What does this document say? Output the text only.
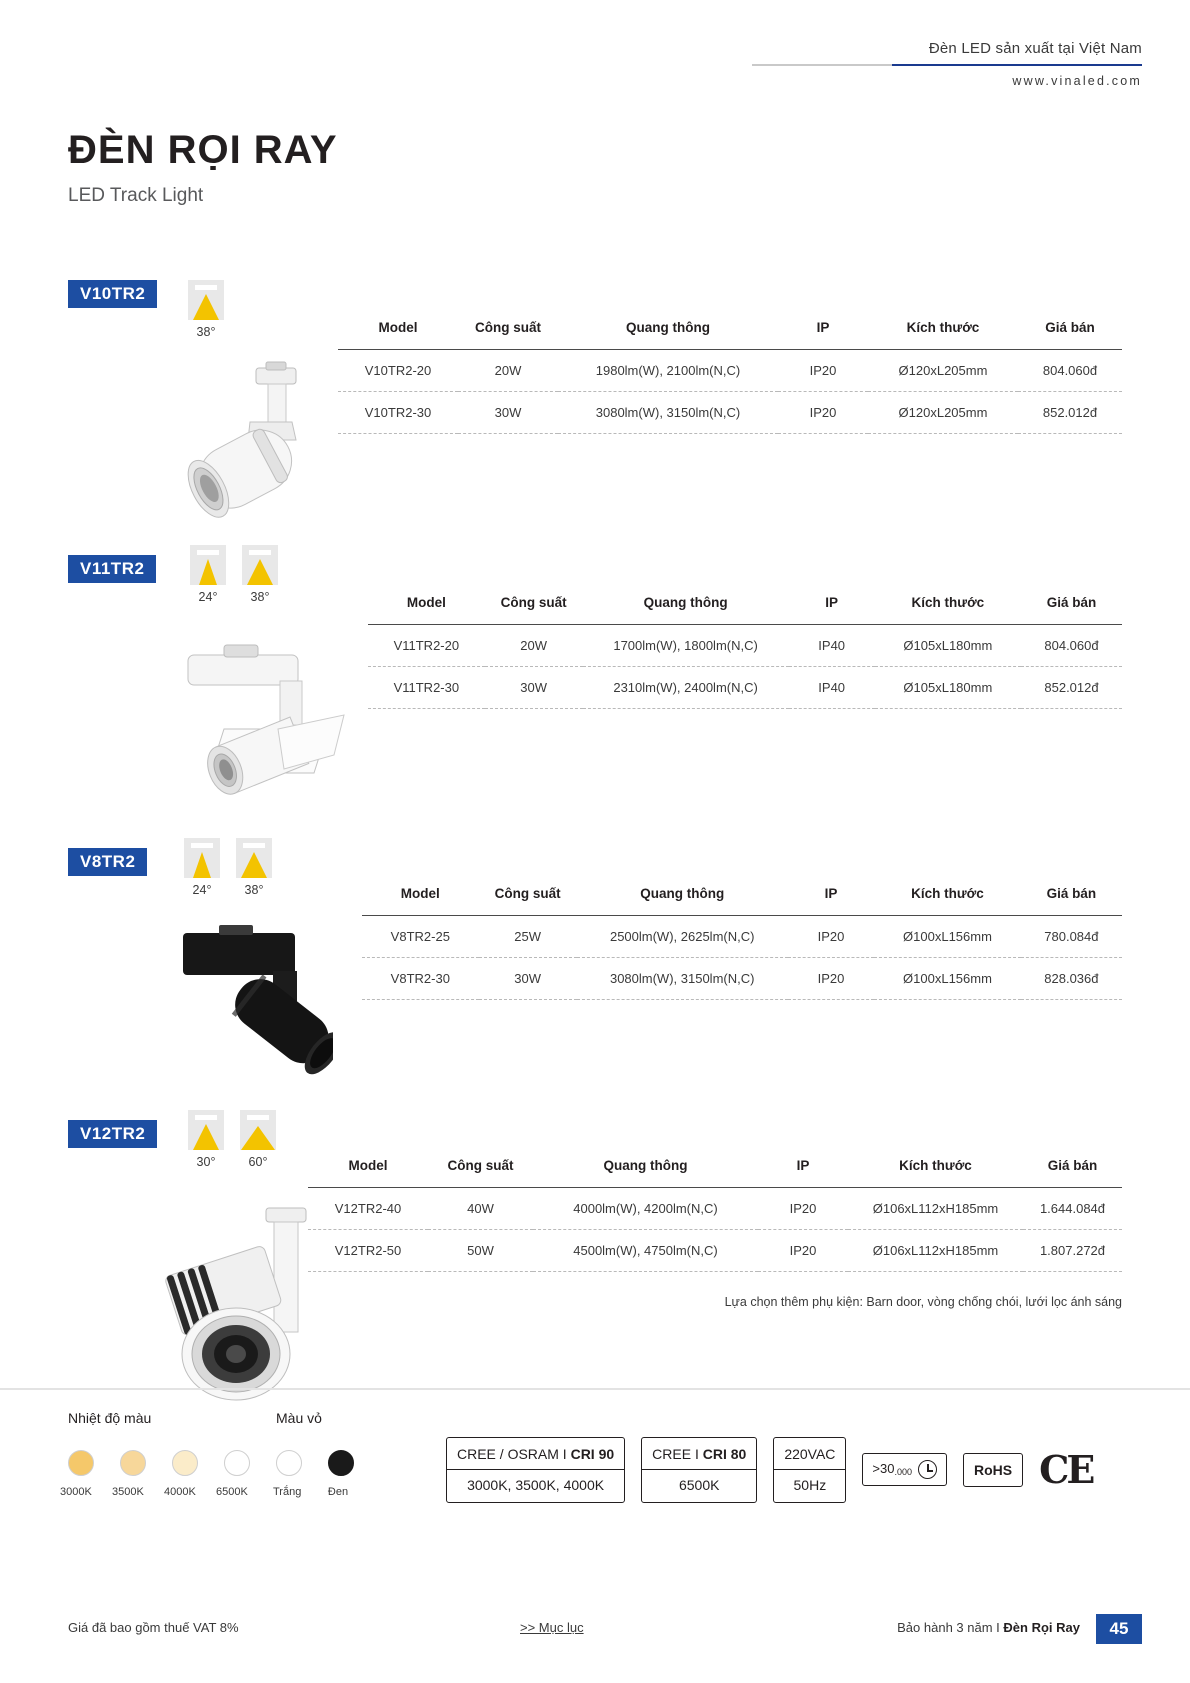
Đèn LED sản xuất tại Việt Nam
www.vinaled.com
ĐÈN RỌI RAY
LED Track Light
V10TR2
38°	Model	Công suất	Quang thông	IP	Kích thước	Giá bán
V10TR2-20	20W	1980lm(W), 2100lm(N,C)	IP20	Ø120xL205mm	804.060đ
V10TR2-30	30W	3080lm(W), 3150lm(N,C)	IP20	Ø120xL205mm	852.012đ
V11TR2
24°	38°	Model	Công suất	Quang thông	IP	Kích thước	Giá bán
V11TR2-20	20W	1700lm(W), 1800lm(N,C)	IP40	Ø105xL180mm	804.060đ
V11TR2-30	30W	2310lm(W), 2400lm(N,C)	IP40	Ø105xL180mm	852.012đ
V8TR2
24°	38°	Model	Công suất	Quang thông	IP	Kích thước	Giá bán
V8TR2-25	25W	2500lm(W), 2625lm(N,C)	IP20	Ø100xL156mm	780.084đ
V8TR2-30	30W	3080lm(W), 3150lm(N,C)	IP20	Ø100xL156mm	828.036đ
V12TR2
30°	60°	Model	Công suất	Quang thông	IP	Kích thước	Giá bán
V12TR2-40	40W	4000lm(W), 4200lm(N,C)	IP20	Ø106xL112xH185mm	1.644.084đ
V12TR2-50	50W	4500lm(W), 4750lm(N,C)	IP20	Ø106xL112xH185mm	1.807.272đ
Lựa chọn thêm phụ kiện: Barn door, vòng chống chói, lưới lọc ánh sáng
Nhiệt độ màu
3000K 3500K 4000K 6500K
Màu vỏ
Trắng Đen
CREE / OSRAM I CRI 90
3000K, 3500K, 4000K
CREE I CRI 80
6500K
220VAC
50Hz
>30.000	RoHS CE
Giá đã bao gồm thuế VAT 8%	>> Mục lục	Bảo hành 3 năm I Đèn Rọi Ray	45
